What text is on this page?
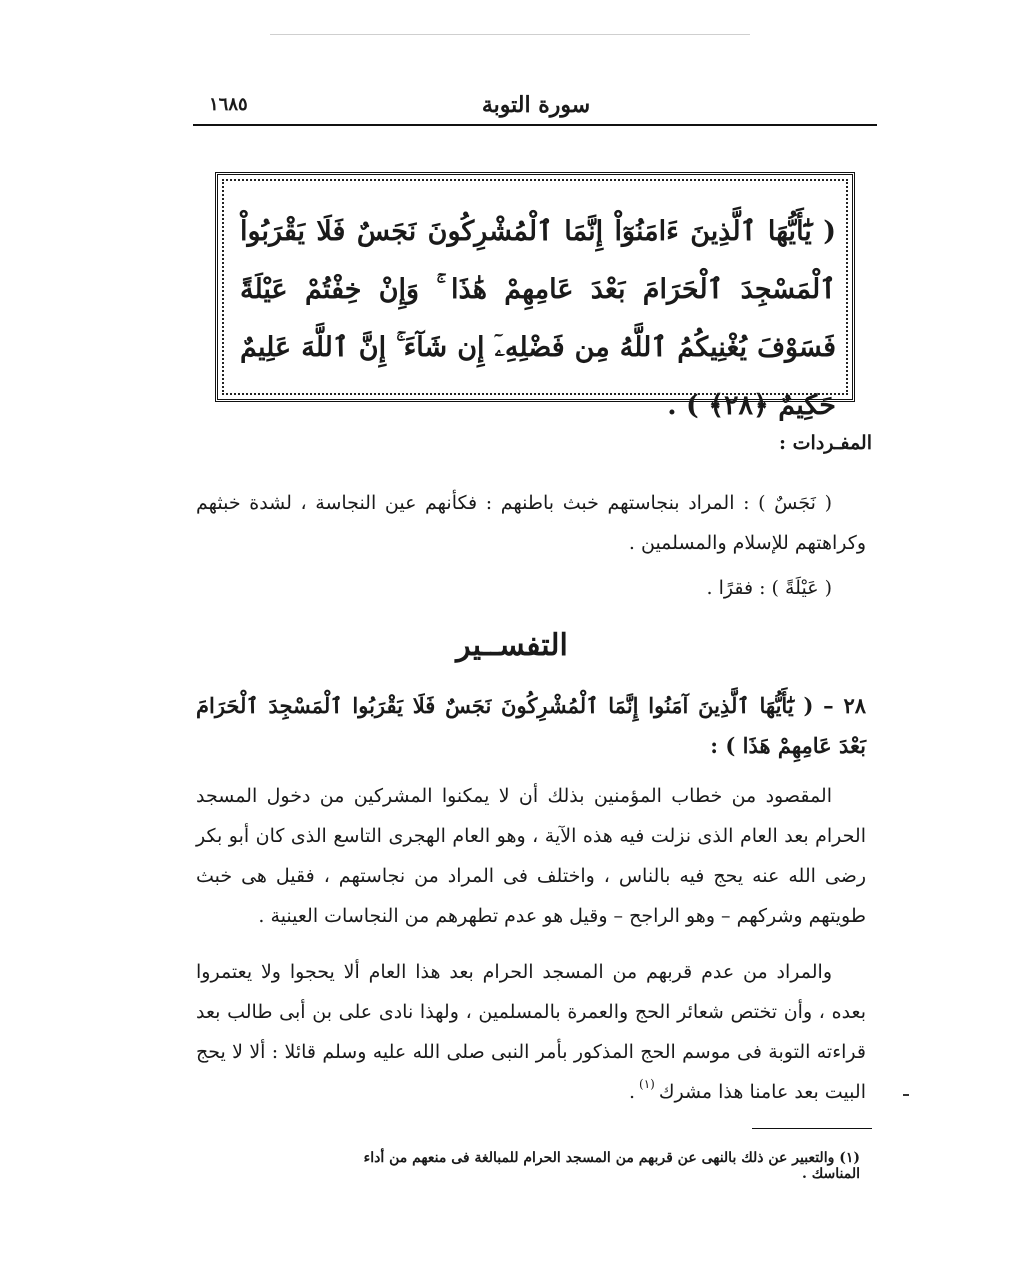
سورة التوبة
١٦٨٥
( يَٰٓأَيُّهَا ٱلَّذِينَ ءَامَنُوٓاْ إِنَّمَا ٱلْمُشْرِكُونَ نَجَسٌ فَلَا يَقْرَبُواْ ٱلْمَسْجِدَ ٱلْحَرَامَ بَعْدَ عَامِهِمْ هَٰذَا ۚ وَإِنْ خِفْتُمْ عَيْلَةً فَسَوْفَ يُغْنِيكُمُ ٱللَّهُ مِن فَضْلِهِۦٓ إِن شَآءَ ۚ إِنَّ ٱللَّهَ عَلِيمٌ حَكِيمٌ ﴿٢٨﴾ ) .
المفـردات :
( نَجَسٌ ) : المراد بنجاستهم خبث باطنهم : فكأنهم عين النجاسة ، لشدة خبثهم وكراهتهم للإسلام والمسلمين .
( عَيْلَةً ) : فقرًا .
التفســير
٢٨ – ( يَٰٓأَيُّهَا ٱلَّذِينَ آمَنُوا إِنَّمَا ٱلْمُشْرِكُونَ نَجَسٌ فَلَا يَقْرَبُوا ٱلْمَسْجِدَ ٱلْحَرَامَ بَعْدَ عَامِهِمْ هَذَا ) :
المقصود من خطاب المؤمنين بذلك أن لا يمكنوا المشركين من دخول المسجد الحرام بعد العام الذى نزلت فيه هذه الآية ، وهو العام الهجرى التاسع الذى كان أبو بكر رضى الله عنه يحج فيه بالناس ، واختلف فى المراد من نجاستهم ، فقيل هى خبث طويتهم وشركهم – وهو الراجح – وقيل هو عدم تطهرهم من النجاسات العينية .
والمراد من عدم قربهم من المسجد الحرام بعد هذا العام ألا يحجوا ولا يعتمروا بعده ، وأن تختص شعائر الحج والعمرة بالمسلمين ، ولهذا نادى على بن أبى طالب بعد قراءته التوبة فى موسم الحج المذكور بأمر النبى صلى الله عليه وسلم قائلا : ألا لا يحج البيت بعد عامنا هذا مشرك$^{(١)}$.
(١) والتعبير عن ذلك بالنهى عن قربهم من المسجد الحرام للمبالغة فى منعهم من أداء المناسك .
